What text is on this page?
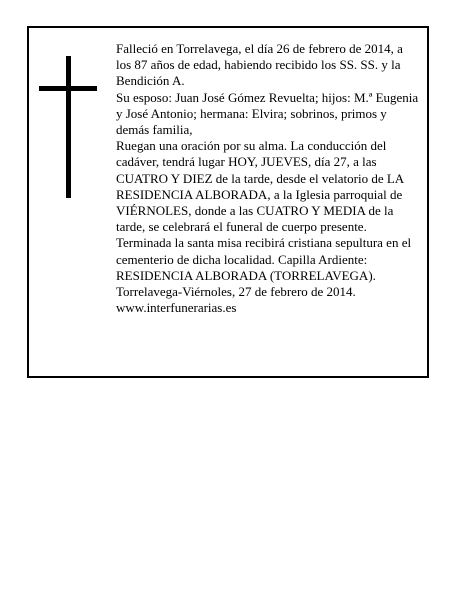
Falleció en Torrelavega, el día 26 de febrero de 2014, a los 87 años de edad, habiendo recibido los SS. SS. y la Bendición A.

Su esposo: Juan José Gómez Revuelta; hijos: M.ª Eugenia y José Antonio; hermana: Elvira; sobrinos, primos y demás familia,

Ruegan una oración por su alma. La conducción del cadáver, tendrá lugar HOY, JUEVES, día 27, a las CUATRO Y DIEZ de la tarde, desde el velatorio de LA RESIDENCIA ALBORADA, a la Iglesia parroquial de VIÉRNOLES, donde a las CUATRO Y MEDIA de la tarde, se celebrará el funeral de cuerpo presente.

Terminada la santa misa recibirá cristiana sepultura en el cementerio de dicha localidad. Capilla Ardiente: RESIDENCIA ALBORADA (TORRELAVEGA).

Torrelavega-Viérnoles, 27 de febrero de 2014.

www.interfunerarias.es
